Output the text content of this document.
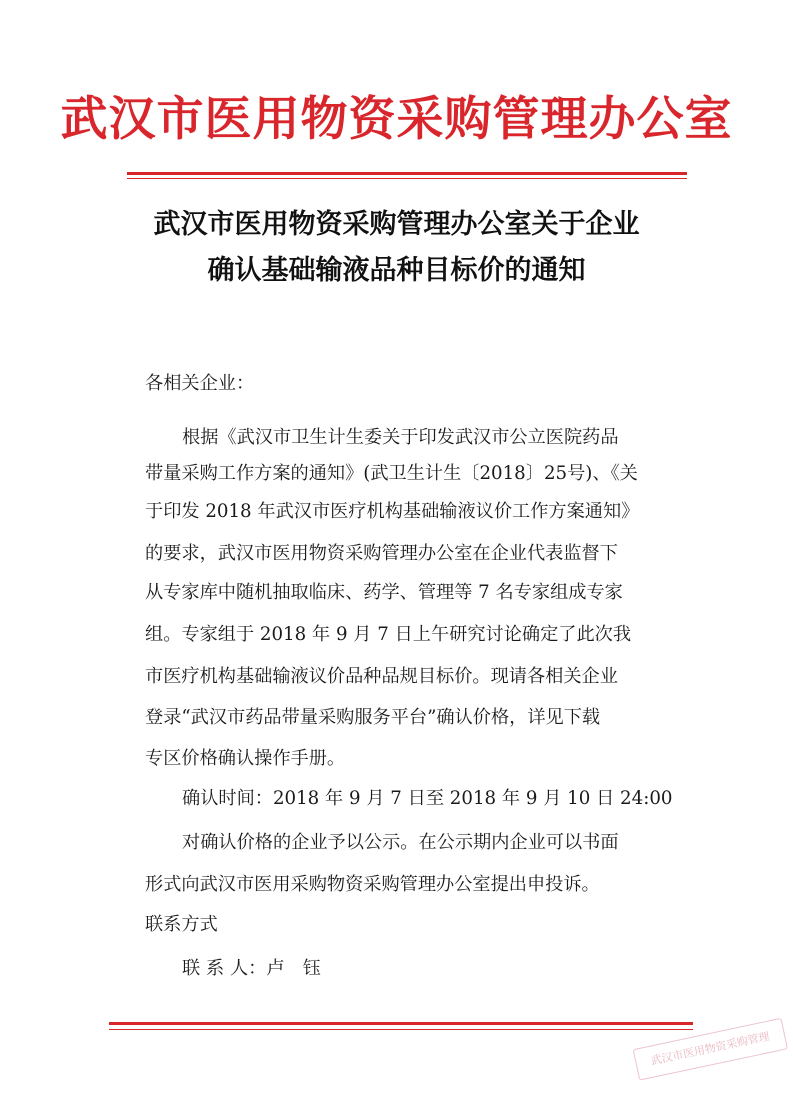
武汉市医用物资采购管理办公室
武汉市医用物资采购管理办公室关于企业
确认基础输液品种目标价的通知
各相关企业：
根据《武汉市卫生计生委关于印发武汉市公立医院药品
带量采购工作方案的通知》(武卫生计生〔2018〕25号)、《关
于印发 2018 年武汉市医疗机构基础输液议价工作方案通知》
的要求，武汉市医用物资采购管理办公室在企业代表监督下
从专家库中随机抽取临床、药学、管理等 7 名专家组成专家
组。专家组于 2018 年 9 月 7 日上午研究讨论确定了此次我
市医疗机构基础输液议价品种品规目标价。现请各相关企业
登录“武汉市药品带量采购服务平台”确认价格，详见下载
专区价格确认操作手册。
确认时间：2018 年 9 月 7 日至 2018 年 9 月 10 日 24:00
对确认价格的企业予以公示。在公示期内企业可以书面
形式向武汉市医用采购物资采购管理办公室提出申投诉。
联系方式
联 系 人：卢　钰
武汉市医用物资采购管理
